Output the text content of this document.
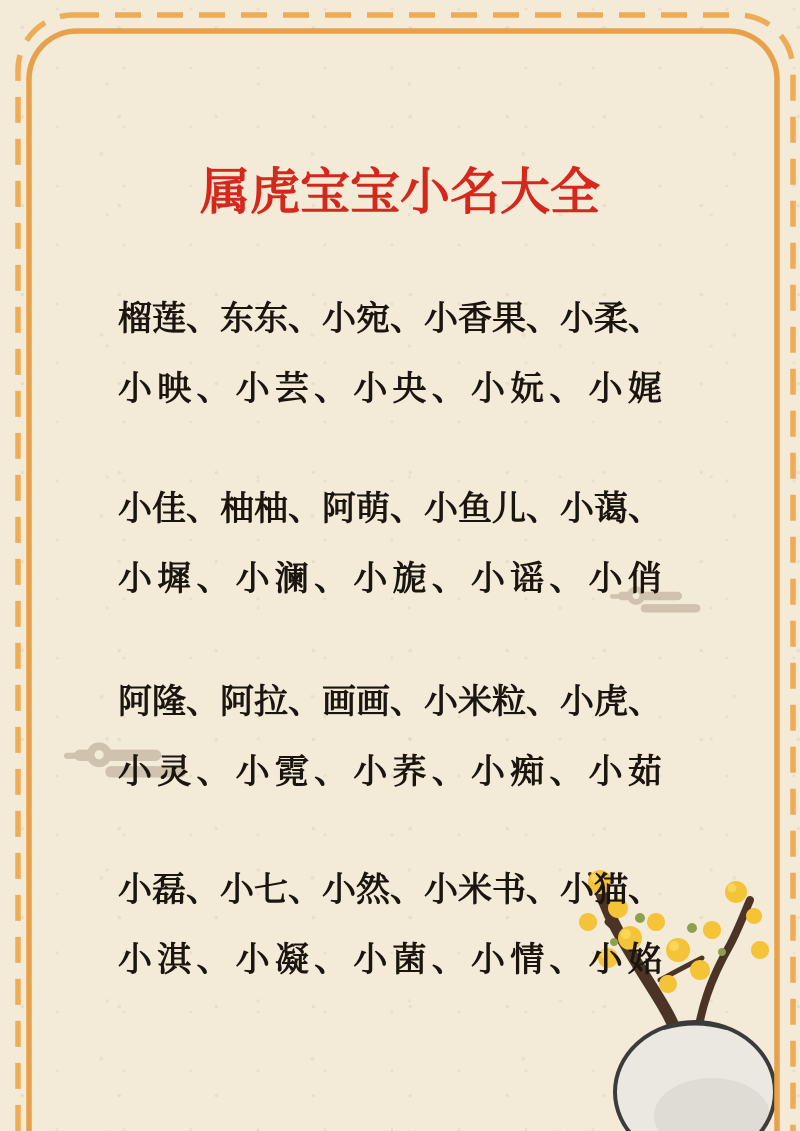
属虎宝宝小名大全
榴 莲 、 东 东 、 小 宛 、 小 香 果 、 小 柔 、
小 映 、 小 芸 、 小 央 、 小 妧 、 小 娓
小 佳 、 柚 柚 、 阿 萌 、 小 鱼 儿 、 小 蔼 、
小 墀 、 小 澜 、 小 旎 、 小 谣 、 小 俏
阿 隆 、 阿 拉 、 画 画 、 小 米 粒 、 小 虎 、
小 灵 、 小 霓 、 小 荞 、 小 痴 、 小 茹
小 磊 、 小 七 、 小 然 、 小 米 书 、 小 猫 、
小 淇 、 小 凝 、 小 菌 、 小 情 、 小 姳
